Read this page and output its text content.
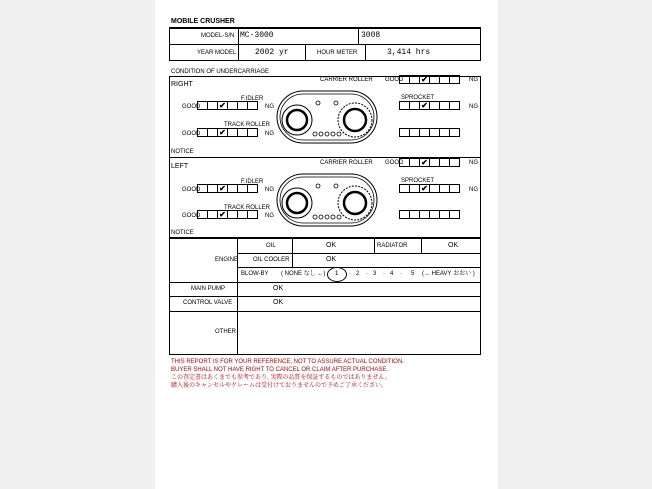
MOBILE CRUSHER
MODEL-S/N MC-3000	3008
YEAR MODEL 2002 yr	HOUR METER	3,414 hrs
CONDITION OF UNDERCARRIAGE
RIGHT
CARRIER ROLLER GOOD ✔	NG
F.IDLER
GOOD ✔	NG
SPROCKET
✔	NG
TRACK ROLLER
GOOD ✔	NG
NOTICE
LEFT	CARRIER ROLLER GOOD ✔	NG
F.IDLER
GOOD ✔	NG
SPROCKET
✔	NG
TRACK ROLLER
GOOD ✔	NG
NOTICE
ENGINE
OIL	OK	RADIATOR	OK
OIL COOLER	OK
BLOW-BY ( NONE なし ←) 1 · 2 · 3 · 4 · 5 (→ HEAVY おおい )
MAIN PUMP	OK
CONTROL VALVE	OK
OTHER
THIS REPORT IS FOR YOUR REFERENCE, NOT TO ASSURE ACTUAL CONDITION.
BUYER SHALL NOT HAVE RIGHT TO CANCEL OR CLAIM AFTER PURCHASE.
この査定書はあくまでも参考であり, 実際の品質を保証するものではありません。
購入後のキャンセルやクレームは受付けておりませんので予めご了承ください。
